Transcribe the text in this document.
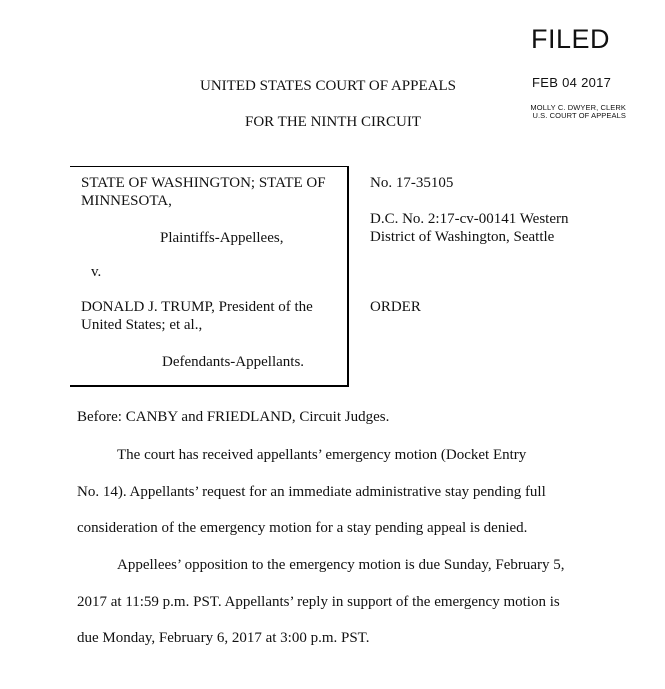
FILED
FEB 04 2017
MOLLY C. DWYER, CLERK
U.S. COURT OF APPEALS
UNITED STATES COURT OF APPEALS
FOR THE NINTH CIRCUIT
STATE OF WASHINGTON; STATE OF MINNESOTA,
Plaintiffs-Appellees,
v.
DONALD J. TRUMP, President of the United States; et al.,
Defendants-Appellants.
No. 17-35105
D.C. No. 2:17-cv-00141 Western District of Washington, Seattle
ORDER
Before: CANBY and FRIEDLAND, Circuit Judges.
The court has received appellants’ emergency motion (Docket Entry
No. 14). Appellants’ request for an immediate administrative stay pending full
consideration of the emergency motion for a stay pending appeal is denied.
Appellees’ opposition to the emergency motion is due Sunday, February 5,
2017 at 11:59 p.m. PST. Appellants’ reply in support of the emergency motion is
due Monday, February 6, 2017 at 3:00 p.m. PST.
